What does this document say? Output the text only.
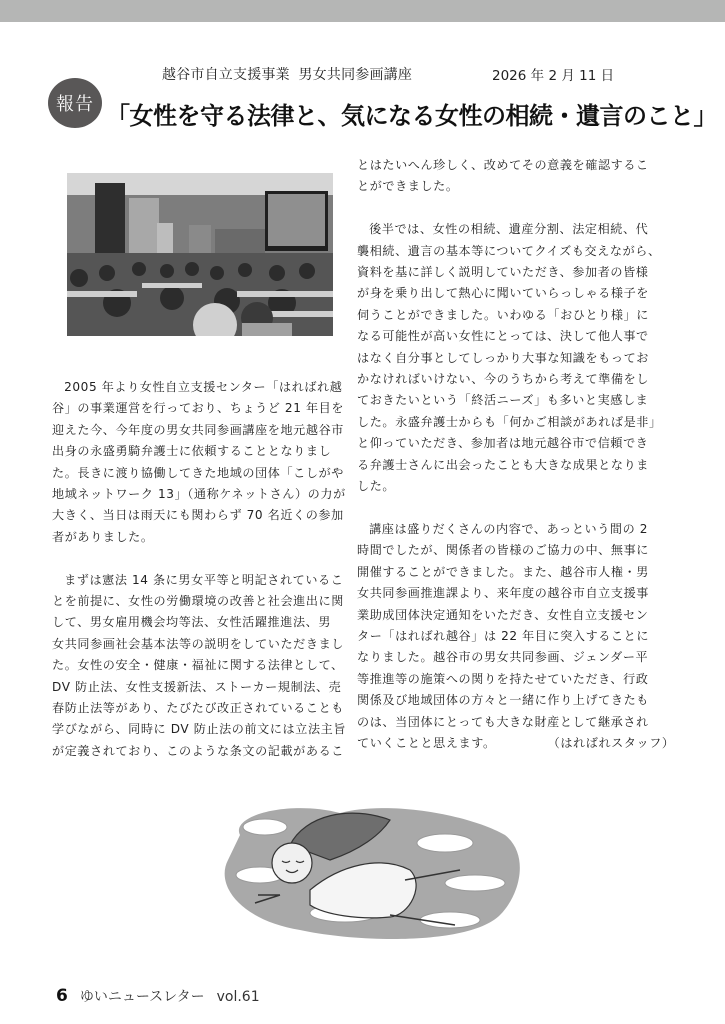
越谷市自立支援事業 男女共同参画講座	2026 年 2 月 11 日
報告 「女性を守る法律と、気になる女性の相続・遺言のこと」

2005 年より女性自立支援センター「はればれ越

谷」の事業運営を行っており、ちょうど 21 年目を

迎えた今、今年度の男女共同参画講座を地元越谷市

出身の永盛勇騎弁護士に依頼することとなりまし

た。長きに渡り協働してきた地域の団体「こしがや

地域ネットワーク 13」（通称ケネットさん）の力が

大きく、当日は雨天にも関わらず 70 名近くの参加

者がありました。

まずは憲法 14 条に男女平等と明記されているこ

とを前提に、女性の労働環境の改善と社会進出に関

して、男女雇用機会均等法、女性活躍推進法、男

女共同参画社会基本法等の説明をしていただきまし

た。女性の安全・健康・福祉に関する法律として、

DV 防止法、女性支援新法、ストーカー規制法、売

春防止法等があり、たびたび改正されていることも

学びながら、同時に DV 防止法の前文には立法主旨

が定義されており、このような条文の記載があるこ

とはたいへん珍しく、改めてその意義を確認するこ

とができました。

後半では、女性の相続、遺産分割、法定相続、代

襲相続、遺言の基本等についてクイズも交えながら、

資料を基に詳しく説明していただき、参加者の皆様

が身を乗り出して熱心に聞いていらっしゃる様子を

伺うことができました。いわゆる「おひとり様」に

なる可能性が高い女性にとっては、決して他人事で

はなく自分事としてしっかり大事な知識をもってお

かなければいけない、今のうちから考えて準備をし

ておきたいという「終活ニーズ」も多いと実感しま

した。永盛弁護士からも「何かご相談があれば是非」

と仰っていただき、参加者は地元越谷市で信頼でき

る弁護士さんに出会ったことも大きな成果となりま

した。

講座は盛りだくさんの内容で、あっという間の 2

時間でしたが、関係者の皆様のご協力の中、無事に

開催することができました。また、越谷市人権・男

女共同参画推進課より、来年度の越谷市自立支援事

業助成団体決定通知をいただき、女性自立支援セン

ター「はればれ越谷」は 22 年目に突入することに

なりました。越谷市の男女共同参画、ジェンダー平

等推進等の施策への関りを持たせていただき、行政

関係及び地域団体の方々と一緒に作り上げてきたも

のは、当団体にとっても大きな財産として継承され

ていくことと思えます。	（はればれスタッフ）

6 ゆいニュースレター vol.61
